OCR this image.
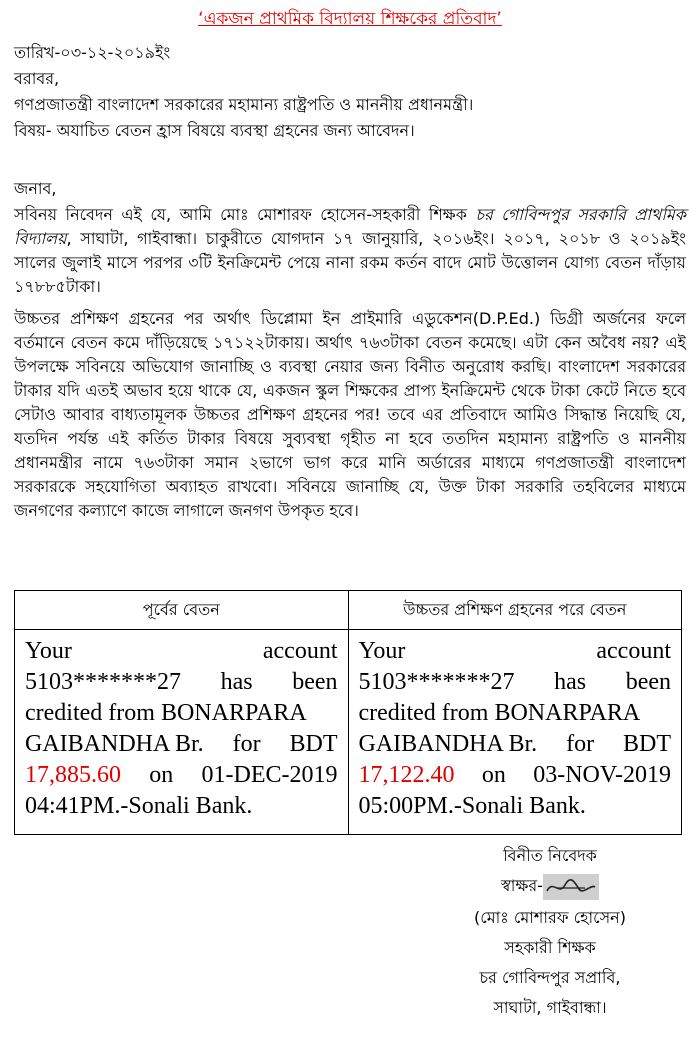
‘একজন প্রাথমিক বিদ্যালয় শিক্ষকের প্রতিবাদ’
তারিখ-০৩-১২-২০১৯ইং
বরাবর,
গণপ্রজাতন্ত্রী বাংলাদেশ সরকারের মহামান্য রাষ্ট্রপতি ও মাননীয় প্রধানমন্ত্রী।
বিষয়- অযাচিত বেতন হ্রাস বিষয়ে ব্যবস্থা গ্রহনের জন্য আবেদন।
জনাব,
সবিনয় নিবেদন এই যে, আমি মোঃ মোশারফ হোসেন-সহকারী শিক্ষক চর গোবিন্দপুর সরকারি প্রাথমিক বিদ্যালয়, সাঘাটা, গাইবান্ধা। চাকুরীতে যোগদান ১৭ জানুয়ারি, ২০১৬ইং। ২০১৭, ২০১৮ ও ২০১৯ইং সালের জুলাই মাসে পরপর ৩টি ইনক্রিমেন্ট পেয়ে নানা রকম কর্তন বাদে মোট উত্তোলন যোগ্য বেতন দাঁড়ায় ১৭৮৮৫টাকা।
উচ্চতর প্রশিক্ষণ গ্রহনের পর অর্থাৎ ডিপ্লোমা ইন প্রাইমারি এডুকেশন(D.P.Ed.) ডিগ্রী অর্জনের ফলে বর্তমানে বেতন কমে দাঁড়িয়েছে ১৭১২২টাকায়। অর্থাৎ ৭৬৩টাকা বেতন কমেছে। এটা কেন অবৈধ নয়? এই উপলক্ষে সবিনয়ে অভিযোগ জানাচ্ছি ও ব্যবস্থা নেয়ার জন্য বিনীত অনুরোধ করছি। বাংলাদেশ সরকারের টাকার যদি এতই অভাব হয়ে থাকে যে, একজন স্কুল শিক্ষকের প্রাপ্য ইনক্রিমেন্ট থেকে টাকা কেটে নিতে হবে সেটাও আবার বাধ্যতামূলক উচ্চতর প্রশিক্ষণ গ্রহনের পর! তবে এর প্রতিবাদে আমিও সিদ্ধান্ত নিয়েছি যে, যতদিন পর্যন্ত এই কর্তিত টাকার বিষয়ে সুব্যবস্থা গৃহীত না হবে ততদিন মহামান্য রাষ্ট্রপতি ও মাননীয় প্রধানমন্ত্রীর নামে ৭৬৩টাকা সমান ২ভাগে ভাগ করে মানি অর্ডারের মাধ্যমে গণপ্রজাতন্ত্রী বাংলাদেশ সরকারকে সহযোগিতা অব্যাহত রাখবো। সবিনয়ে জানাচ্ছি যে, উক্ত টাকা সরকারি তহবিলের মাধ্যমে জনগণের কল্যাণে কাজে লাগালে জনগণ উপকৃত হবে।
পূর্বের বেতন
Your	account
5103*******27 has been
credited from BONARPARA
GAIBANDHA Br. for BDT
17,885.60 on 01-DEC-2019
04:41PM.-Sonali Bank.
উচ্চতর প্রশিক্ষণ গ্রহনের পরে বেতন
Your	account
5103*******27 has been
credited from BONARPARA
GAIBANDHA Br. for BDT
17,122.40 on 03-NOV-2019
05:00PM.-Sonali Bank.
বিনীত নিবেদক
স্বাক্ষর-
(মোঃ মোশারফ হোসেন)
সহকারী শিক্ষক
চর গোবিন্দপুর সপ্রাবি,
সাঘাটা, গাইবান্ধা।
